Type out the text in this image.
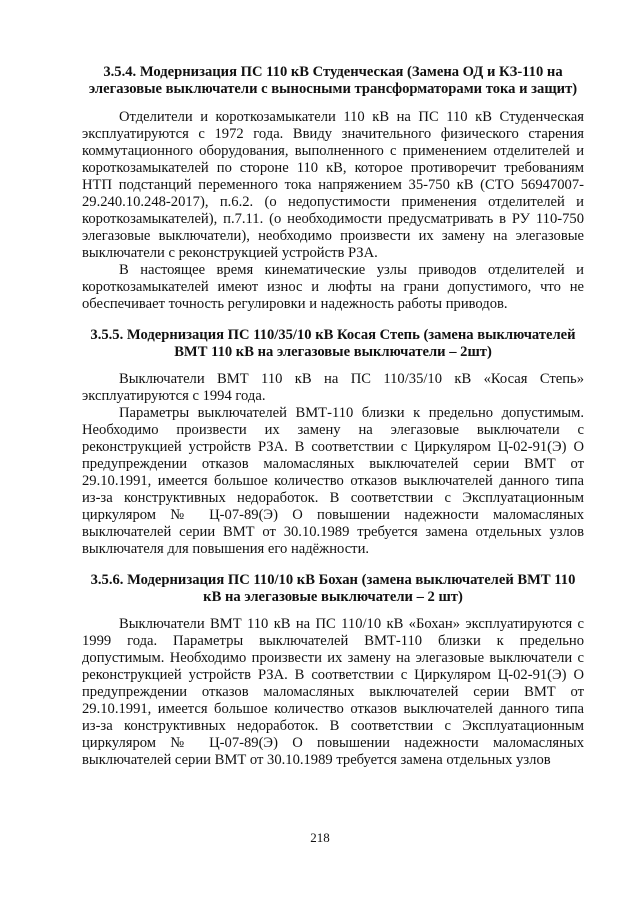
3.5.4. Модернизация ПС 110 кВ Студенческая (Замена ОД и КЗ-110 на элегазовые выключатели с выносными трансформаторами тока и защит)

Отделители и короткозамыкатели 110 кВ на ПС 110 кВ Студенческая эксплуатируются с 1972 года. Ввиду значительного физического старения коммутационного оборудования, выполненного с применением отделителей и короткозамыкателей по стороне 110 кВ, которое противоречит требованиям НТП подстанций переменного тока напряжением 35-750 кВ (СТО 56947007-29.240.10.248-2017), п.6.2. (о недопустимости применения отделителей и короткозамыкателей), п.7.11. (о необходимости предусматривать в РУ 110-750 элегазовые выключатели), необходимо произвести их замену на элегазовые выключатели с реконструкцией устройств РЗА.

В настоящее время кинематические узлы приводов отделителей и короткозамыкателей имеют износ и люфты на грани допустимого, что не обеспечивает точность регулировки и надежность работы приводов.

3.5.5. Модернизация ПС 110/35/10 кВ Косая Степь (замена выключателей ВМТ 110 кВ на элегазовые выключатели – 2шт)

Выключатели ВМТ 110 кВ на ПС 110/35/10 кВ «Косая Степь» эксплуатируются с 1994 года.

Параметры выключателей ВМТ-110 близки к предельно допустимым. Необходимо произвести их замену на элегазовые выключатели с реконструкцией устройств РЗА. В соответствии с Циркуляром Ц-02-91(Э) О предупреждении отказов маломасляных выключателей серии ВМТ от 29.10.1991, имеется большое количество отказов выключателей данного типа из-за конструктивных недоработок. В соответствии с Эксплуатационным циркуляром № Ц-07-89(Э) О повышении надежности маломасляных выключателей серии ВМТ от 30.10.1989 требуется замена отдельных узлов выключателя для повышения его надёжности.

3.5.6. Модернизация ПС 110/10 кВ Бохан (замена выключателей ВМТ 110 кВ на элегазовые выключатели – 2 шт)

Выключатели ВМТ 110 кВ на ПС 110/10 кВ «Бохан» эксплуатируются с 1999 года. Параметры выключателей ВМТ-110 близки к предельно допустимым. Необходимо произвести их замену на элегазовые выключатели с реконструкцией устройств РЗА. В соответствии с Циркуляром Ц-02-91(Э) О предупреждении отказов маломасляных выключателей серии ВМТ от 29.10.1991, имеется большое количество отказов выключателей данного типа из-за конструктивных недоработок. В соответствии с Эксплуатационным циркуляром № Ц-07-89(Э) О повышении надежности маломасляных выключателей серии ВМТ от 30.10.1989 требуется замена отдельных узлов

218
